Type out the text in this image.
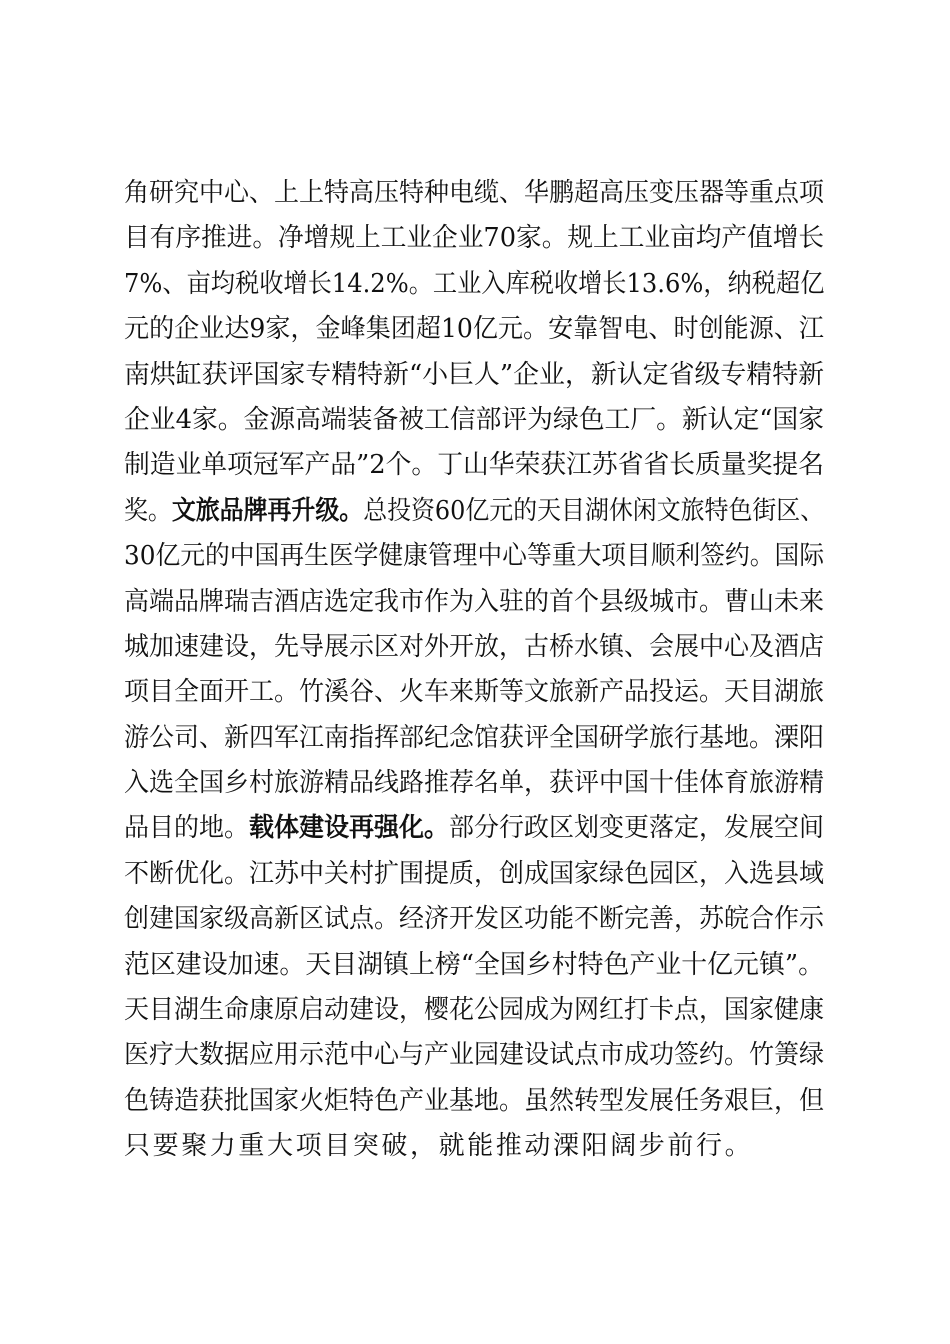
角研究中心、上上特高压特种电缆、华鹏超高压变压器等重点项
目有序推进。净增规上工业企业70家。规上工业亩均产值增长
7%、亩均税收增长14.2%。工业入库税收增长13.6%，纳税超亿
元的企业达9家，金峰集团超10亿元。安靠智电、时创能源、江
南烘缸获评国家专精特新“小巨人”企业，新认定省级专精特新
企业4家。金源高端装备被工信部评为绿色工厂。新认定“国家
制造业单项冠军产品”2个。丁山华荣获江苏省省长质量奖提名
奖。文旅品牌再升级。总投资60亿元的天目湖休闲文旅特色街区、
30亿元的中国再生医学健康管理中心等重大项目顺利签约。国际
高端品牌瑞吉酒店选定我市作为入驻的首个县级城市。曹山未来
城加速建设，先导展示区对外开放，古桥水镇、会展中心及酒店
项目全面开工。竹溪谷、火车来斯等文旅新产品投运。天目湖旅
游公司、新四军江南指挥部纪念馆获评全国研学旅行基地。溧阳
入选全国乡村旅游精品线路推荐名单，获评中国十佳体育旅游精
品目的地。载体建设再强化。部分行政区划变更落定，发展空间
不断优化。江苏中关村扩围提质，创成国家绿色园区，入选县域
创建国家级高新区试点。经济开发区功能不断完善，苏皖合作示
范区建设加速。天目湖镇上榜“全国乡村特色产业十亿元镇”。
天目湖生命康原启动建设，樱花公园成为网红打卡点，国家健康
医疗大数据应用示范中心与产业园建设试点市成功签约。竹箦绿
色铸造获批国家火炬特色产业基地。虽然转型发展任务艰巨，但
只要聚力重大项目突破，就能推动溧阳阔步前行。
